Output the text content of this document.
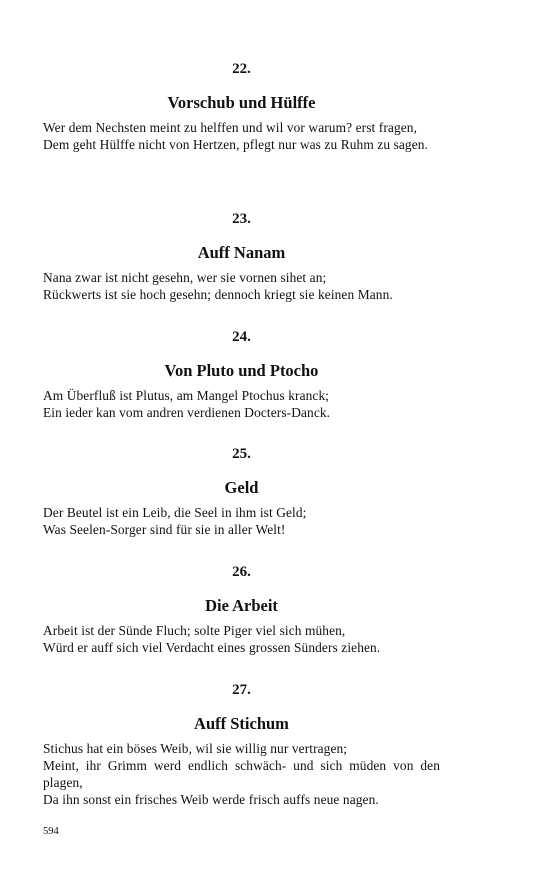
22.

Vorschub und Hülffe

Wer dem Nechsten meint zu helffen und wil vor warum? erst fragen,
Dem geht Hülffe nicht von Hertzen, pflegt nur was zu Ruhm zu sagen.

23.

Auff Nanam

Nana zwar ist nicht gesehn, wer sie vornen sihet an;
Rückwerts ist sie hoch gesehn; dennoch kriegt sie keinen Mann.

24.

Von Pluto und Ptocho

Am Überfluß ist Plutus, am Mangel Ptochus kranck;
Ein ieder kan vom andren verdienen Docters-Danck.

25.

Geld

Der Beutel ist ein Leib, die Seel in ihm ist Geld;
Was Seelen-Sorger sind für sie in aller Welt!

26.

Die Arbeit

Arbeit ist der Sünde Fluch; solte Piger viel sich mühen,
Würd er auff sich viel Verdacht eines grossen Sünders ziehen.

27.

Auff Stichum

Stichus hat ein böses Weib, wil sie willig nur vertragen;
Meint, ihr Grimm werd endlich schwäch- und sich müden von den plagen,
Da ihn sonst ein frisches Weib werde frisch auffs neue nagen.
594
